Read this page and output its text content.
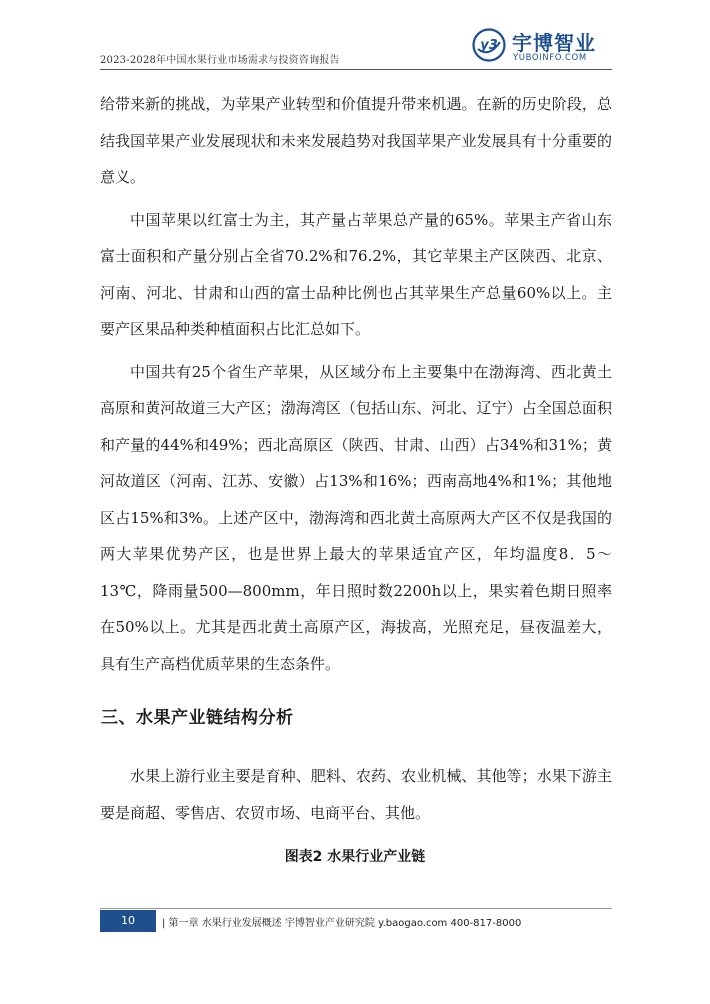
2023-2028年中国水果行业市场需求与投资咨询报告
y3 宇博智业
YUBOINFO.COM

给带来新的挑战，为苹果产业转型和价值提升带来机遇。在新的历史阶段，总结我国苹果产业发展现状和未来发展趋势对我国苹果产业发展具有十分重要的意义。

中国苹果以红富士为主，其产量占苹果总产量的65%。苹果主产省山东富士面积和产量分别占全省70.2%和76.2%，其它苹果主产区陕西、北京、河南、河北、甘肃和山西的富士品种比例也占其苹果生产总量60%以上。主要产区果品种类种植面积占比汇总如下。

中国共有25个省生产苹果，从区域分布上主要集中在渤海湾、西北黄土高原和黄河故道三大产区；渤海湾区（包括山东、河北、辽宁）占全国总面积和产量的44%和49%；西北高原区（陕西、甘肃、山西）占34%和31%；黄河故道区（河南、江苏、安徽）占13%和16%；西南高地4%和1%；其他地区占15%和3%。上述产区中，渤海湾和西北黄土高原两大产区不仅是我国的两大苹果优势产区，也是世界上最大的苹果适宜产区，年均温度8．5～13℃，降雨量500—800mm，年日照时数2200h以上，果实着色期日照率在50%以上。尤其是西北黄土高原产区，海拔高，光照充足，昼夜温差大，具有生产高档优质苹果的生态条件。

三、水果产业链结构分析

水果上游行业主要是育种、肥料、农药、农业机械、其他等；水果下游主要是商超、零售店、农贸市场、电商平台、其他。

图表2 水果行业产业链
10	| 第一章 水果行业发展概述 宇博智业产业研究院 y.baogao.com 400-817-8000
